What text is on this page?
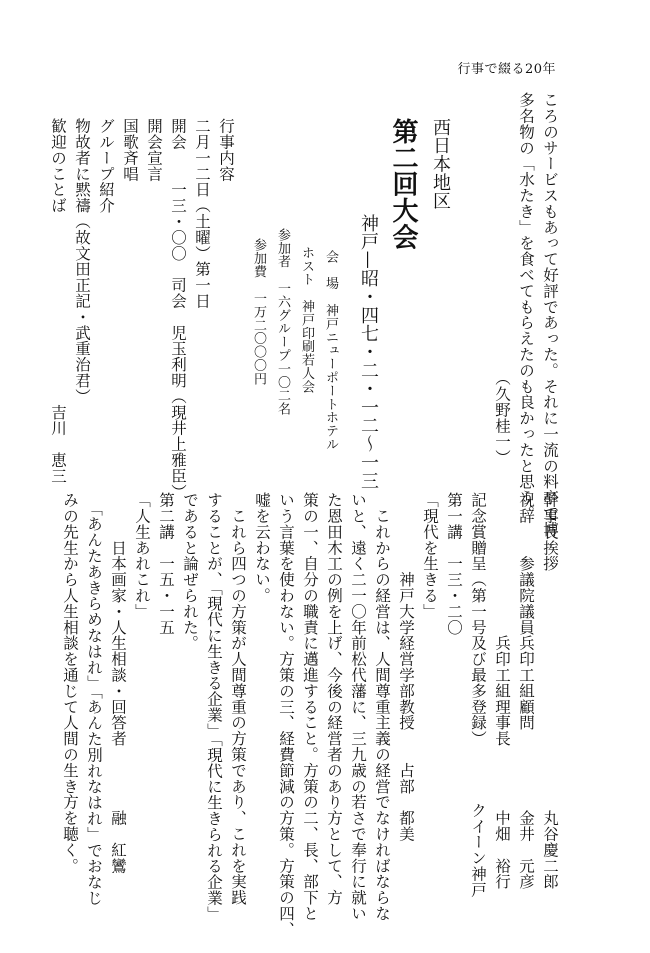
行事で綴る20年
ころのサービスもあって好評であった。それに一流の料亭で博
多名物の「水たき」を食べてもらえたのも良かったと思う。
（久野桂一）
西日本地区
第二回大会
神戸—昭・四七・二・一二〜一三
会　場　神戸ニューポートホテル
ホスト　神戸印刷若人会
参加者　一六グループ一〇二名
参加費　一万二〇〇〇円
行事内容
二月一二日（土曜）第一日
開会　　一三・〇〇　司会　児玉利明（現井上雅臣）
開会宣言
国歌斉唱
グループ紹介
物故者に黙禱（故文田正記・武重治君）
歓迎のことば　　　　　　　　　　　　吉川　恵三
幹事長挨拶　　　　　　　　　　　　　　　丸谷慶二郎
祝辞　　参議院議員兵印工組顧問　　　　　金井　元彦
　　　　　　　　　兵印工組理事長　　　　中畑　裕行
記念賞贈呈（第一号及び最多登録）　　　　クイーン神戸
第一講　一三・二〇
「現代を生きる」
　　　　　神戸大学経営学部教授　　占部　都美
　これからの経営は、人間尊重主義の経営でなければならな
いと、遠く二一〇年前松代藩に、三九歳の若さで奉行に就い
た恩田木工の例を上げ、今後の経営者のあり方として、方
策の一、自分の職責に邁進すること。方策の二、長、部下と
いう言葉を使わない。方策の三、経費節減の方策。方策の四、
嘘を云わない。
　これら四つの方策が人間尊重の方策であり、これを実践
することが、「現代に生きる企業」「現代に生きられる企業」
であると論ぜられた。
第二講　一五・一五
「人生あれこれ」
　　　日本画家・人生相談・回答者　　　　融　紅鸞
　「あんたあきらめなはれ」「あんた別れなはれ」でおなじ
みの先生から人生相談を通じて人間の生き方を聴く。
